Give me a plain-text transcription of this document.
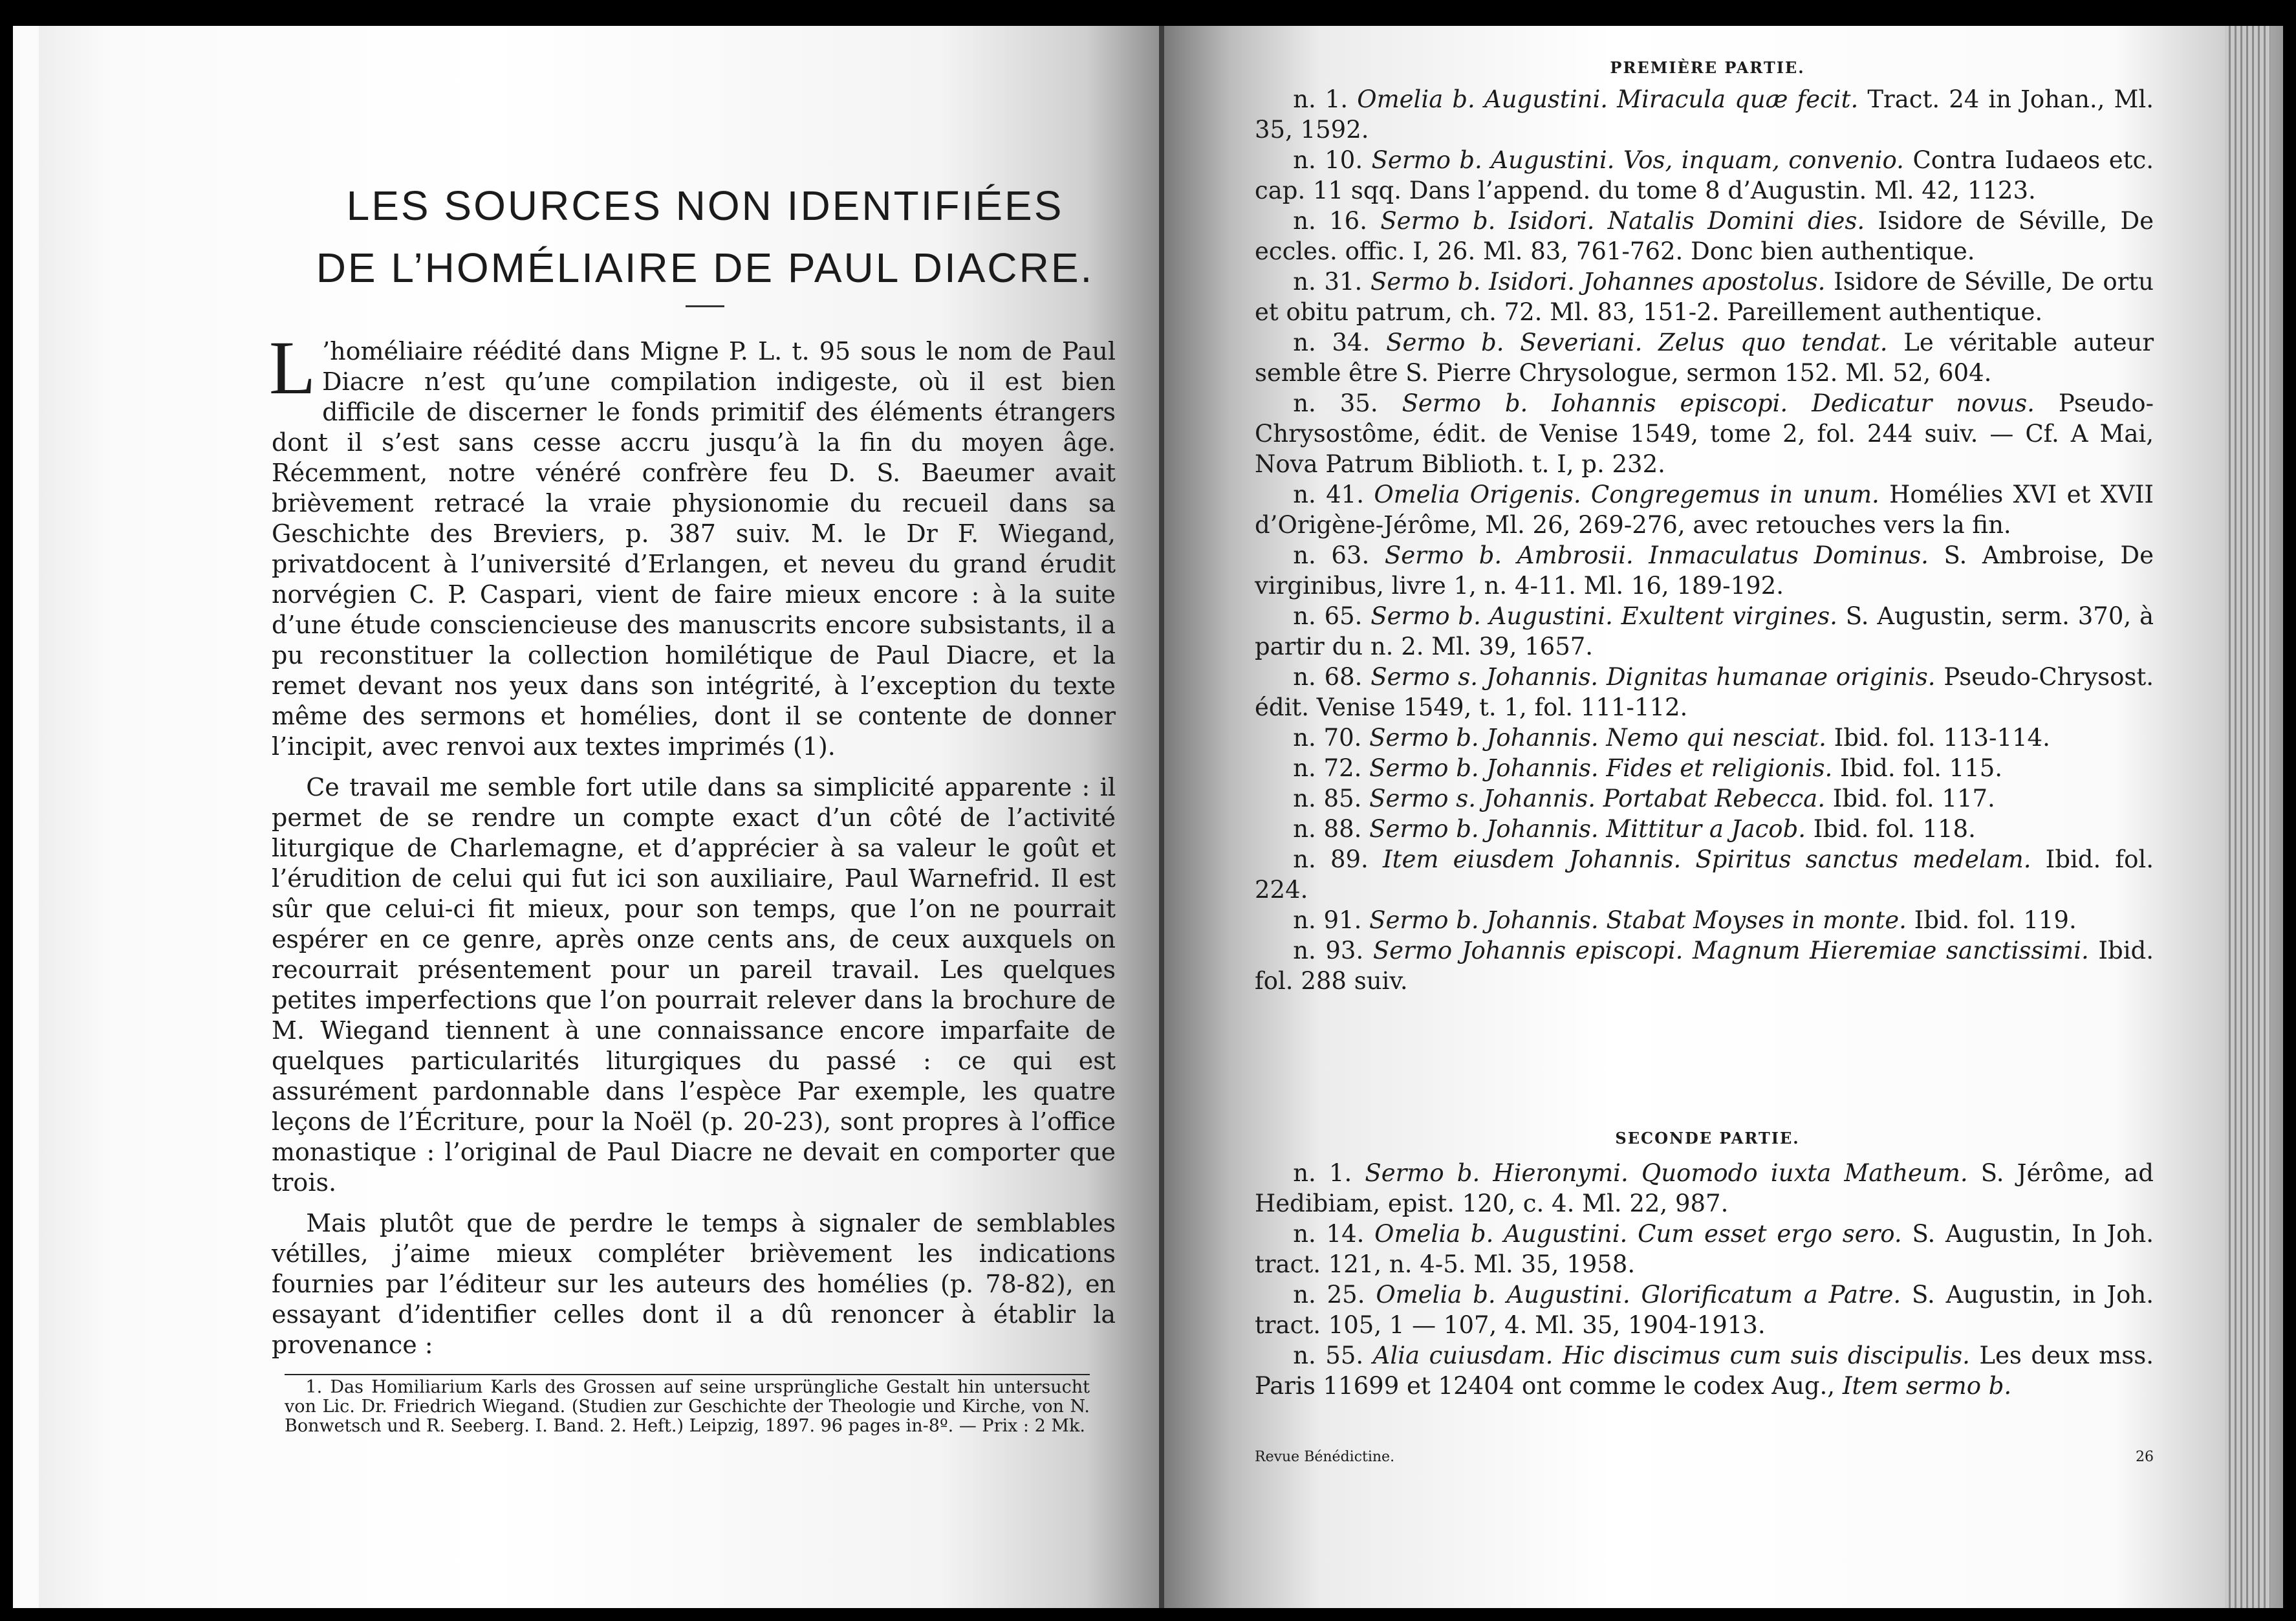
LES SOURCES NON IDENTIFIÉES
DE L’HOMÉLIAIRE DE PAUL DIACRE.

L ’homéliaire réédité dans Migne P. L. t. 95 sous le nom de Paul Diacre n’est qu’une compilation indigeste, où il est bien difficile de discerner le fonds primitif des éléments étrangers dont il s’est sans cesse accru jusqu’à la fin du moyen âge. Récemment, notre vénéré confrère feu D. S. Baeumer avait brièvement retracé la vraie physionomie du recueil dans sa Geschichte des Breviers, p. 387 suiv. M. le Dr F. Wiegand, privatdocent à l’université d’Erlangen, et neveu du grand érudit norvégien C. P. Caspari, vient de faire mieux encore : à la suite d’une étude consciencieuse des manuscrits encore subsistants, il a pu reconstituer la collection homilétique de Paul Diacre, et la remet devant nos yeux dans son intégrité, à l’exception du texte même des sermons et homélies, dont il se contente de donner l’incipit, avec renvoi aux textes imprimés (1).

Ce travail me semble fort utile dans sa simplicité apparente : il permet de se rendre un compte exact d’un côté de l’activité liturgique de Charlemagne, et d’apprécier à sa valeur le goût et l’érudition de celui qui fut ici son auxiliaire, Paul Warnefrid. Il est sûr que celui-ci fit mieux, pour son temps, que l’on ne pourrait espérer en ce genre, après onze cents ans, de ceux auxquels on recourrait présentement pour un pareil travail. Les quelques petites imperfections que l’on pourrait relever dans la brochure de M. Wiegand tiennent à une connaissance encore imparfaite de quelques particularités liturgiques du passé : ce qui est assurément pardonnable dans l’espèce Par exemple, les quatre leçons de l’Écriture, pour la Noël (p. 20-23), sont propres à l’office monastique : l’original de Paul Diacre ne devait en comporter que trois.

Mais plutôt que de perdre le temps à signaler de semblables vétilles, j’aime mieux compléter brièvement les indications fournies par l’éditeur sur les auteurs des homélies (p. 78-82), en essayant d’identifier celles dont il a dû renoncer à établir la provenance :

1. Das Homiliarium Karls des Grossen auf seine ursprüngliche Gestalt hin untersucht von Lic. Dr. Friedrich Wiegand. (Studien zur Geschichte der Theologie und Kirche, von N. Bonwetsch und R. Seeberg. I. Band. 2. Heft.) Leipzig, 1897. 96 pages in-8º. — Prix : 2 Mk.
PREMIÈRE PARTIE.

n. 1. Omelia b. Augustini. Miracula quæ fecit. Tract. 24 in Johan., Ml. 35, 1592.

n. 10. Sermo b. Augustini. Vos, inquam, convenio. Contra Iudaeos etc. cap. 11 sqq. Dans l’append. du tome 8 d’Augustin. Ml. 42, 1123.

n. 16. Sermo b. Isidori. Natalis Domini dies. Isidore de Séville, De eccles. offic. I, 26. Ml. 83, 761-762. Donc bien authentique.

n. 31. Sermo b. Isidori. Johannes apostolus. Isidore de Séville, De ortu et obitu patrum, ch. 72. Ml. 83, 151-2. Pareillement authentique.

n. 34. Sermo b. Severiani. Zelus quo tendat. Le véritable auteur semble être S. Pierre Chrysologue, sermon 152. Ml. 52, 604.

n. 35. Sermo b. Iohannis episcopi. Dedicatur novus. Pseudo-Chrysostôme, édit. de Venise 1549, tome 2, fol. 244 suiv. — Cf. A Mai, Nova Patrum Biblioth. t. I, p. 232.

n. 41. Omelia Origenis. Congregemus in unum. Homélies XVI et XVII d’Origène-Jérôme, Ml. 26, 269-276, avec retouches vers la fin.

n. 63. Sermo b. Ambrosii. Inmaculatus Dominus. S. Ambroise, De virginibus, livre 1, n. 4-11. Ml. 16, 189-192.

n. 65. Sermo b. Augustini. Exultent virgines. S. Augustin, serm. 370, à partir du n. 2. Ml. 39, 1657.

n. 68. Sermo s. Johannis. Dignitas humanae originis. Pseudo-Chrysost. édit. Venise 1549, t. 1, fol. 111-112.

n. 70. Sermo b. Johannis. Nemo qui nesciat. Ibid. fol. 113-114.

n. 72. Sermo b. Johannis. Fides et religionis. Ibid. fol. 115.

n. 85. Sermo s. Johannis. Portabat Rebecca. Ibid. fol. 117.

n. 88. Sermo b. Johannis. Mittitur a Jacob. Ibid. fol. 118.

n. 89. Item eiusdem Johannis. Spiritus sanctus medelam. Ibid. fol. 224.

n. 91. Sermo b. Johannis. Stabat Moyses in monte. Ibid. fol. 119.

n. 93. Sermo Johannis episcopi. Magnum Hieremiae sanctissimi. Ibid. fol. 288 suiv.

SECONDE PARTIE.

n. 1. Sermo b. Hieronymi. Quomodo iuxta Matheum. S. Jérôme, ad Hedibiam, epist. 120, c. 4. Ml. 22, 987.

n. 14. Omelia b. Augustini. Cum esset ergo sero. S. Augustin, In Joh. tract. 121, n. 4-5. Ml. 35, 1958.

n. 25. Omelia b. Augustini. Glorificatum a Patre. S. Augustin, in Joh. tract. 105, 1 — 107, 4. Ml. 35, 1904-1913.

n. 55. Alia cuiusdam. Hic discimus cum suis discipulis. Les deux mss. Paris 11699 et 12404 ont comme le codex Aug., Item sermo b.

Revue Bénédictine.	26
